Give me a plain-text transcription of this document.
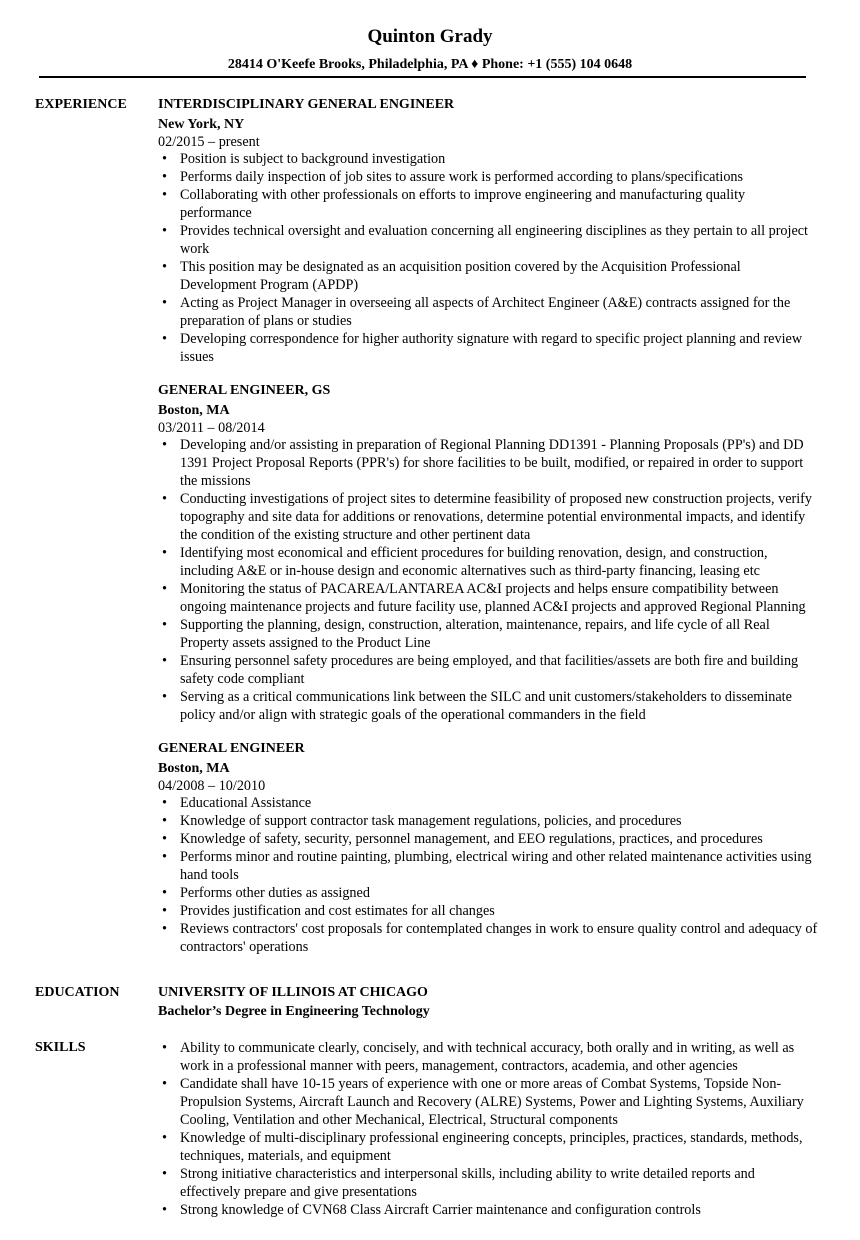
Quinton Grady
28414 O'Keefe Brooks, Philadelphia, PA ♦ Phone: +1 (555) 104 0648
EXPERIENCE INTERDISCIPLINARY GENERAL ENGINEER
New York, NY
02/2015 – present
• Position is subject to background investigation
• Performs daily inspection of job sites to assure work is performed according to plans/specifications
• Collaborating with other professionals on efforts to improve engineering and manufacturing quality performance
• Provides technical oversight and evaluation concerning all engineering disciplines as they pertain to all project work
• This position may be designated as an acquisition position covered by the Acquisition Professional Development Program (APDP)
• Acting as Project Manager in overseeing all aspects of Architect Engineer (A&E) contracts assigned for the preparation of plans or studies
• Developing correspondence for higher authority signature with regard to specific project planning and review issues
GENERAL ENGINEER, GS
Boston, MA
03/2011 – 08/2014
• Developing and/or assisting in preparation of Regional Planning DD1391 - Planning Proposals (PP's) and DD 1391 Project Proposal Reports (PPR's) for shore facilities to be built, modified, or repaired in order to support the missions
• Conducting investigations of project sites to determine feasibility of proposed new construction projects, verify topography and site data for additions or renovations, determine potential environmental impacts, and identify the condition of the existing structure and other pertinent data
• Identifying most economical and efficient procedures for building renovation, design, and construction, including A&E or in-house design and economic alternatives such as third-party financing, leasing etc
• Monitoring the status of PACAREA/LANTAREA AC&I projects and helps ensure compatibility between ongoing maintenance projects and future facility use, planned AC&I projects and approved Regional Planning
• Supporting the planning, design, construction, alteration, maintenance, repairs, and life cycle of all Real Property assets assigned to the Product Line
• Ensuring personnel safety procedures are being employed, and that facilities/assets are both fire and building safety code compliant
• Serving as a critical communications link between the SILC and unit customers/stakeholders to disseminate policy and/or align with strategic goals of the operational commanders in the field
GENERAL ENGINEER
Boston, MA
04/2008 – 10/2010
• Educational Assistance
• Knowledge of support contractor task management regulations, policies, and procedures
• Knowledge of safety, security, personnel management, and EEO regulations, practices, and procedures
• Performs minor and routine painting, plumbing, electrical wiring and other related maintenance activities using hand tools
• Performs other duties as assigned
• Provides justification and cost estimates for all changes
• Reviews contractors' cost proposals for contemplated changes in work to ensure quality control and adequacy of contractors' operations
EDUCATION	UNIVERSITY OF ILLINOIS AT CHICAGO
Bachelor’s Degree in Engineering Technology
SKILLS
•	Ability to communicate clearly, concisely, and with technical accuracy, both orally and in writing, as well as work in a professional manner with peers, management, contractors, academia, and other agencies
• Candidate shall have 10-15 years of experience with one or more areas of Combat Systems, Topside Non-Propulsion Systems, Aircraft Launch and Recovery (ALRE) Systems, Power and Lighting Systems, Auxiliary Cooling, Ventilation and other Mechanical, Electrical, Structural components
• Knowledge of multi-disciplinary professional engineering concepts, principles, practices, standards, methods, techniques, materials, and equipment
• Strong initiative characteristics and interpersonal skills, including ability to write detailed reports and effectively prepare and give presentations
• Strong knowledge of CVN68 Class Aircraft Carrier maintenance and configuration controls
